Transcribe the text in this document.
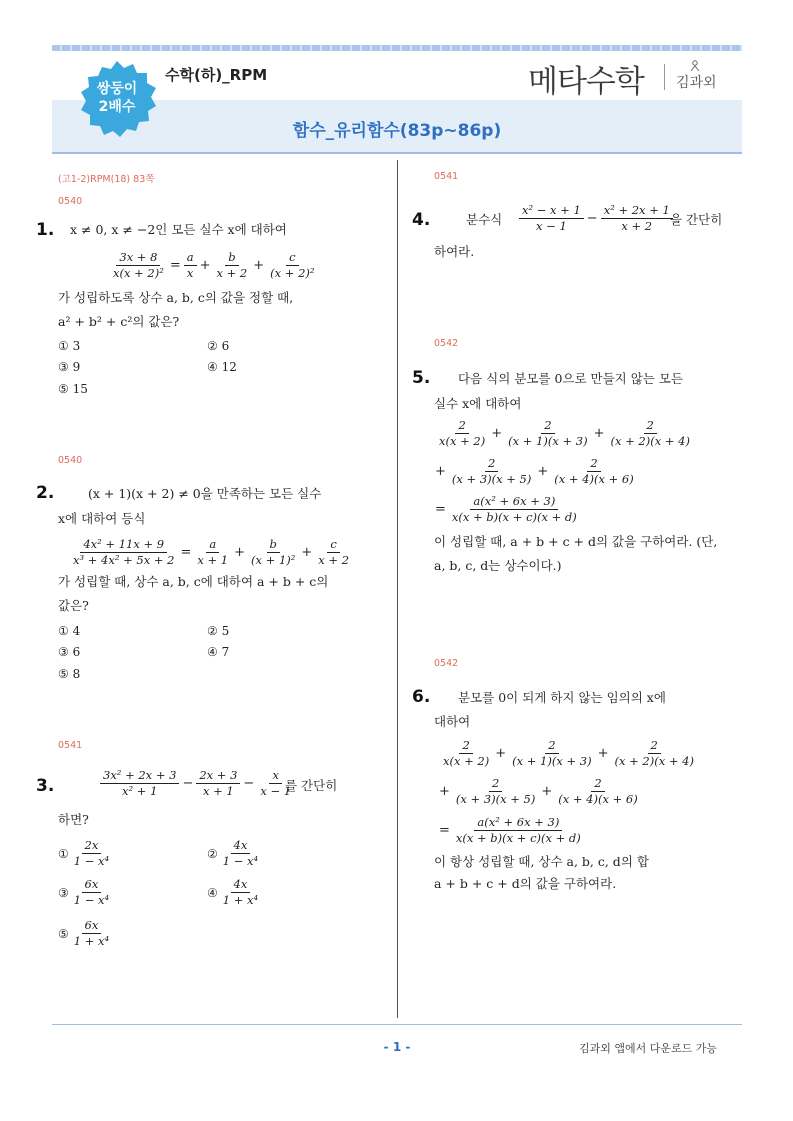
쌍둥이
2배수
수학(하)_RPM	메타수학 김과외
함수_유리함수(83p~86p)
(고1-2)RPM(18) 83쪽
0540
1. x ≠ 0, x ≠ −2인 모든 실수 x에 대하여
$\frac{3x + 8}{\text{x(x + 2)²}} = \frac{a}{x} + \frac{b}{x + 2} + \frac{c}{\text{(x + 2)²}}$
가 성립하도록 상수 a, b, c의 값을 정할 때,
a² + b² + c²의 값은?
① 3	② 6
③ 9	④ 12
⑤ 15
0540
2.	(x + 1)(x + 2) ≠ 0을 만족하는 모든 실수
x에 대하여 등식
$\frac{\text{4x² + 11x + 9}}{\text{x³ + 4x² + 5x + 2}} = \frac{a}{x + 1} + \frac{b}{\text{(x + 1)²}} + \frac{c}{x + 2}$
가 성립할 때, 상수 a, b, c에 대하여 a + b + c의
값은?
① 4	② 5
③ 6	④ 7
⑤ 8
0541
3.	$\frac{\text{3x² + 2x + 3}}{\text{x² + 1}} - \frac{2x + 3}{x + 1} - \frac{x}{x - 1}$
를 간단히
하면?
① $\frac{2x}{\text{1 − x⁴}}$	② $\frac{4x}{\text{1 − x⁴}}$
③ $\frac{6x}{\text{1 − x⁴}}$	④ $\frac{4x}{\text{1 + x⁴}}$
⑤ $\frac{6x}{\text{1 + x⁴}}$
0541
4.	분수식 $\frac{\text{x² − x + 1}}{x - 1} - \frac{\text{x² + 2x + 1}}{x + 2}$
을 간단히
하여라.
0542
5. 다음 식의 분모를 0으로 만들지 않는 모든
실수 x에 대하여
$\frac{2}{x(x + 2)} + \frac{2}{(x + 1)(x + 3)} + \frac{2}{(x + 2)(x + 4)}$
+ $\frac{2}{(x + 3)(x + 5)} + \frac{2}{(x + 4)(x + 6)}$
= $\frac{\text{a(x² + 6x + 3)}}{x(x + b)(x + c)(x + d)}$
이 성립할 때, a + b + c + d의 값을 구하여라. (단,
a, b, c, d는 상수이다.)
0542
6. 분모를 0이 되게 하지 않는 임의의 x에
대하여
$\frac{2}{x(x + 2)} + \frac{2}{(x + 1)(x + 3)} + \frac{2}{(x + 2)(x + 4)}$
+ $\frac{2}{(x + 3)(x + 5)} + \frac{2}{(x + 4)(x + 6)}$
= $\frac{\text{a(x² + 6x + 3)}}{x(x + b)(x + c)(x + d)}$
이 항상 성립할 때, 상수 a, b, c, d의 합
a + b + c + d의 값을 구하여라.
- 1 -	김과외 앱에서 다운로드 가능
